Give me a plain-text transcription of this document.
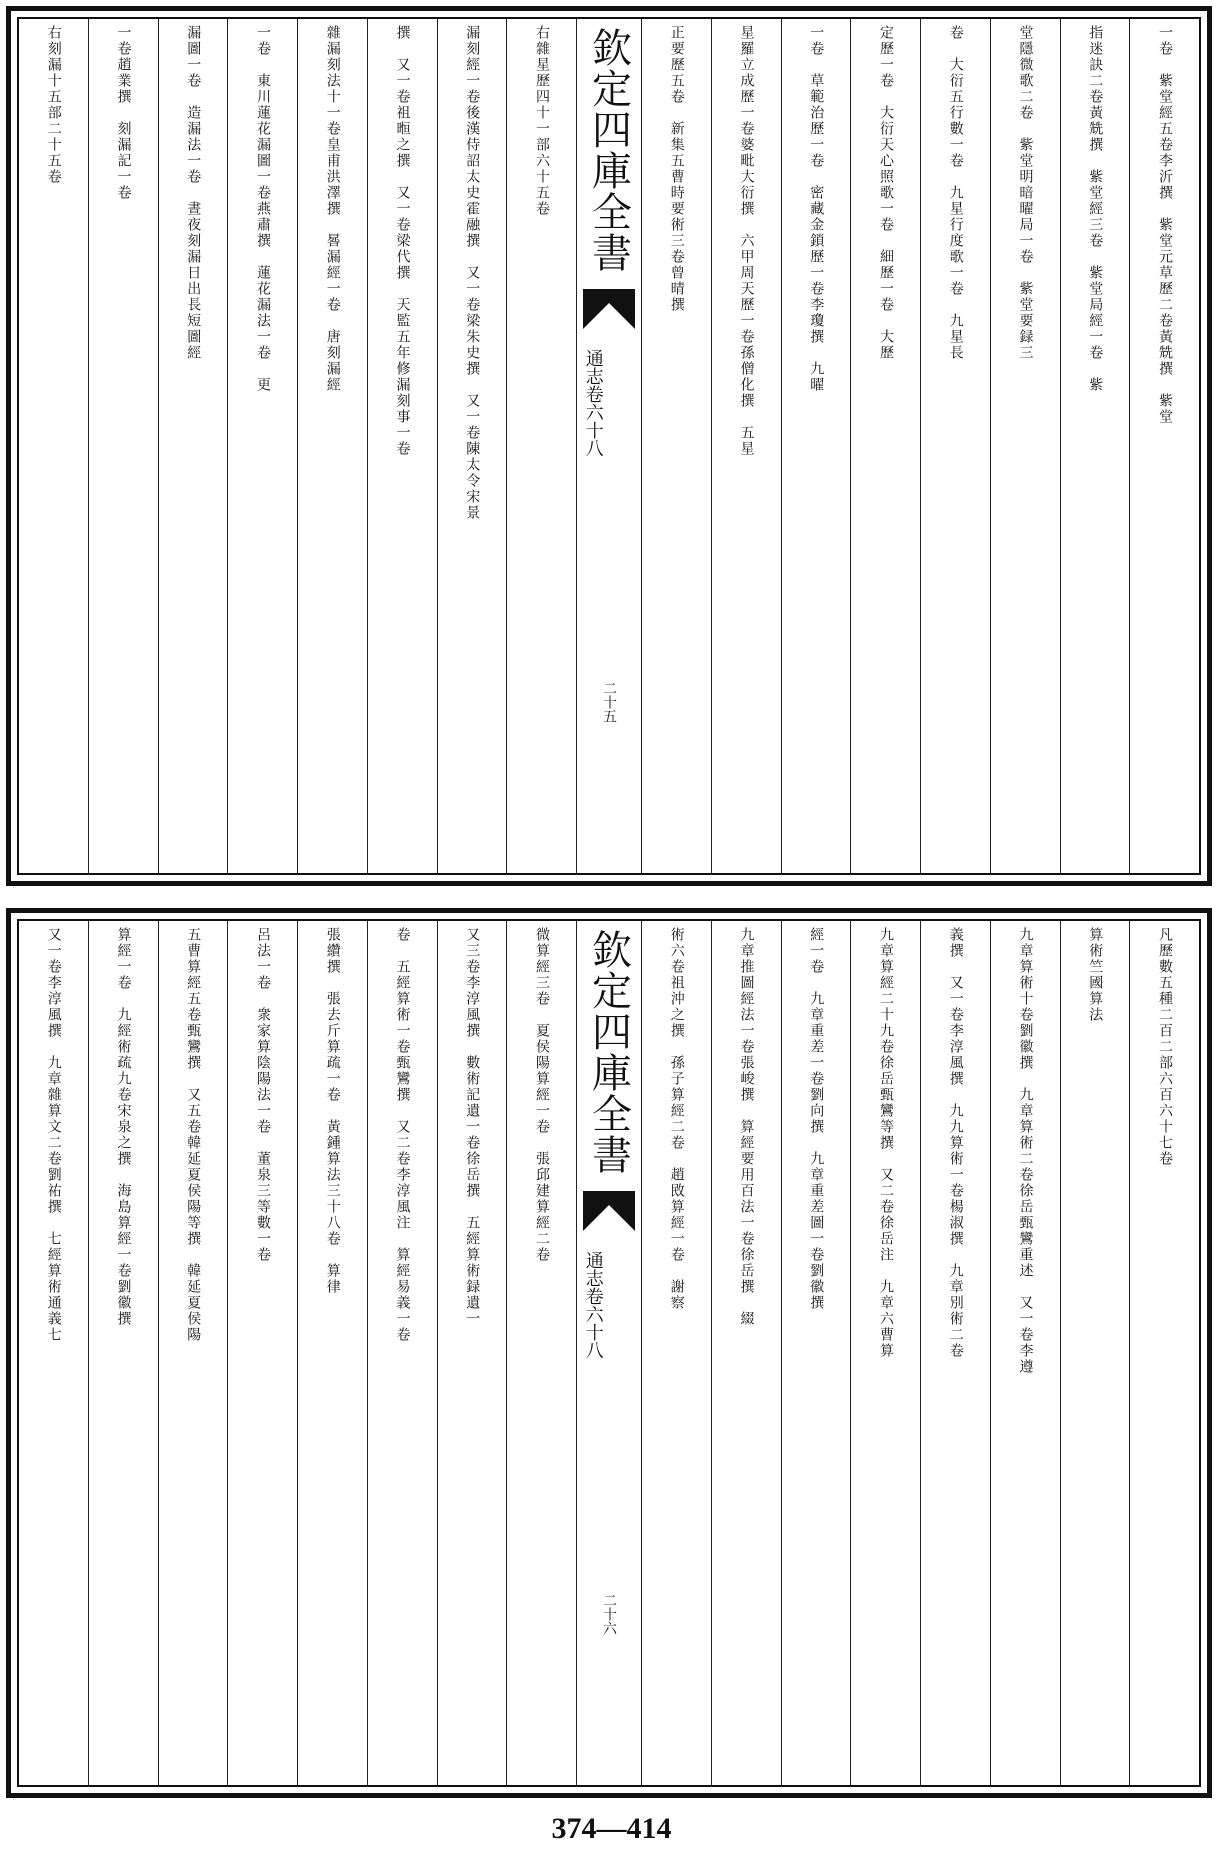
一卷　紫堂經五卷李沂撰　紫堂元草歷二卷黃兟撰　紫堂
指迷訣二卷黃兟撰　紫堂經三卷　紫堂局經一卷　紫
堂隱微歌二卷　紫堂明暗曜局一卷　紫堂要録三
卷　大衍五行數一卷　九星行度歌一卷　九星長
定歷一卷　大衍天心照歌一卷　細歷一卷　大歷
一卷　草範治歷一卷　密藏金鎖歷一卷李瓊撰　九曜
星羅立成歷一卷婆毗大衍撰　六甲周天歷一卷孫僧化撰　五星
正要歷五卷　新集五曹時要術三卷曾晴撰
欽定四庫全書
通志卷六十八
二十五
右雜星歷四十一部六十五卷
漏刻經一卷後漢侍詔太史霍融撰　又一卷梁朱史撰　又一卷陳太令宋景
撰　又一卷祖暅之撰　又一卷梁代撰　天監五年修漏刻事一卷
雜漏刻法十一卷皇甫洪澤撰　晷漏經一卷　唐刻漏經
一卷　東川蓮花漏圖一卷燕肅撰　蓮花漏法一卷　更
漏圖一卷　造漏法一卷　晝夜刻漏日出長短圖經
一卷趙業撰　刻漏記一卷
右刻漏十五部二十五卷
凡歷數五種二百二部六百六十七卷
算術竺國算法
九章算術十卷劉徽撰　九章算術二卷徐岳甄鸞重述　又一卷李遵
義撰　又一卷李淳風撰　九九算術一卷楊淑撰　九章別術二卷
九章算經二十九卷徐岳甄鸞等撰　又二卷徐岳注　九章六曹算
經一卷　九章重差一卷劉向撰　九章重差圖一卷劉徽撰
九章推圖經法一卷張峻撰　算經要用百法一卷徐岳撰　綴
術六卷祖沖之撰　孫子算經二卷　趙敃算經一卷　謝察
欽定四庫全書
通志卷六十八
二十六
微算經三卷　夏侯陽算經一卷　張邱建算經二卷
又三卷李淳風撰　數術記遺一卷徐岳撰　五經算術録遺一
卷　五經算術一卷甄鸞撰　又二卷李淳風注　算經易義一卷
張纘撰　張去斤算疏一卷　黃鍾算法三十八卷　算律
呂法一卷　衆家算陰陽法一卷　董泉三等數一卷
五曹算經五卷甄鸞撰　又五卷韓延夏侯陽等撰　韓延夏侯陽
算經一卷　九經術疏九卷宋泉之撰　海島算經一卷劉徽撰
又一卷李淳風撰　九章雜算文二卷劉祐撰　七經算術通義七
374—414
